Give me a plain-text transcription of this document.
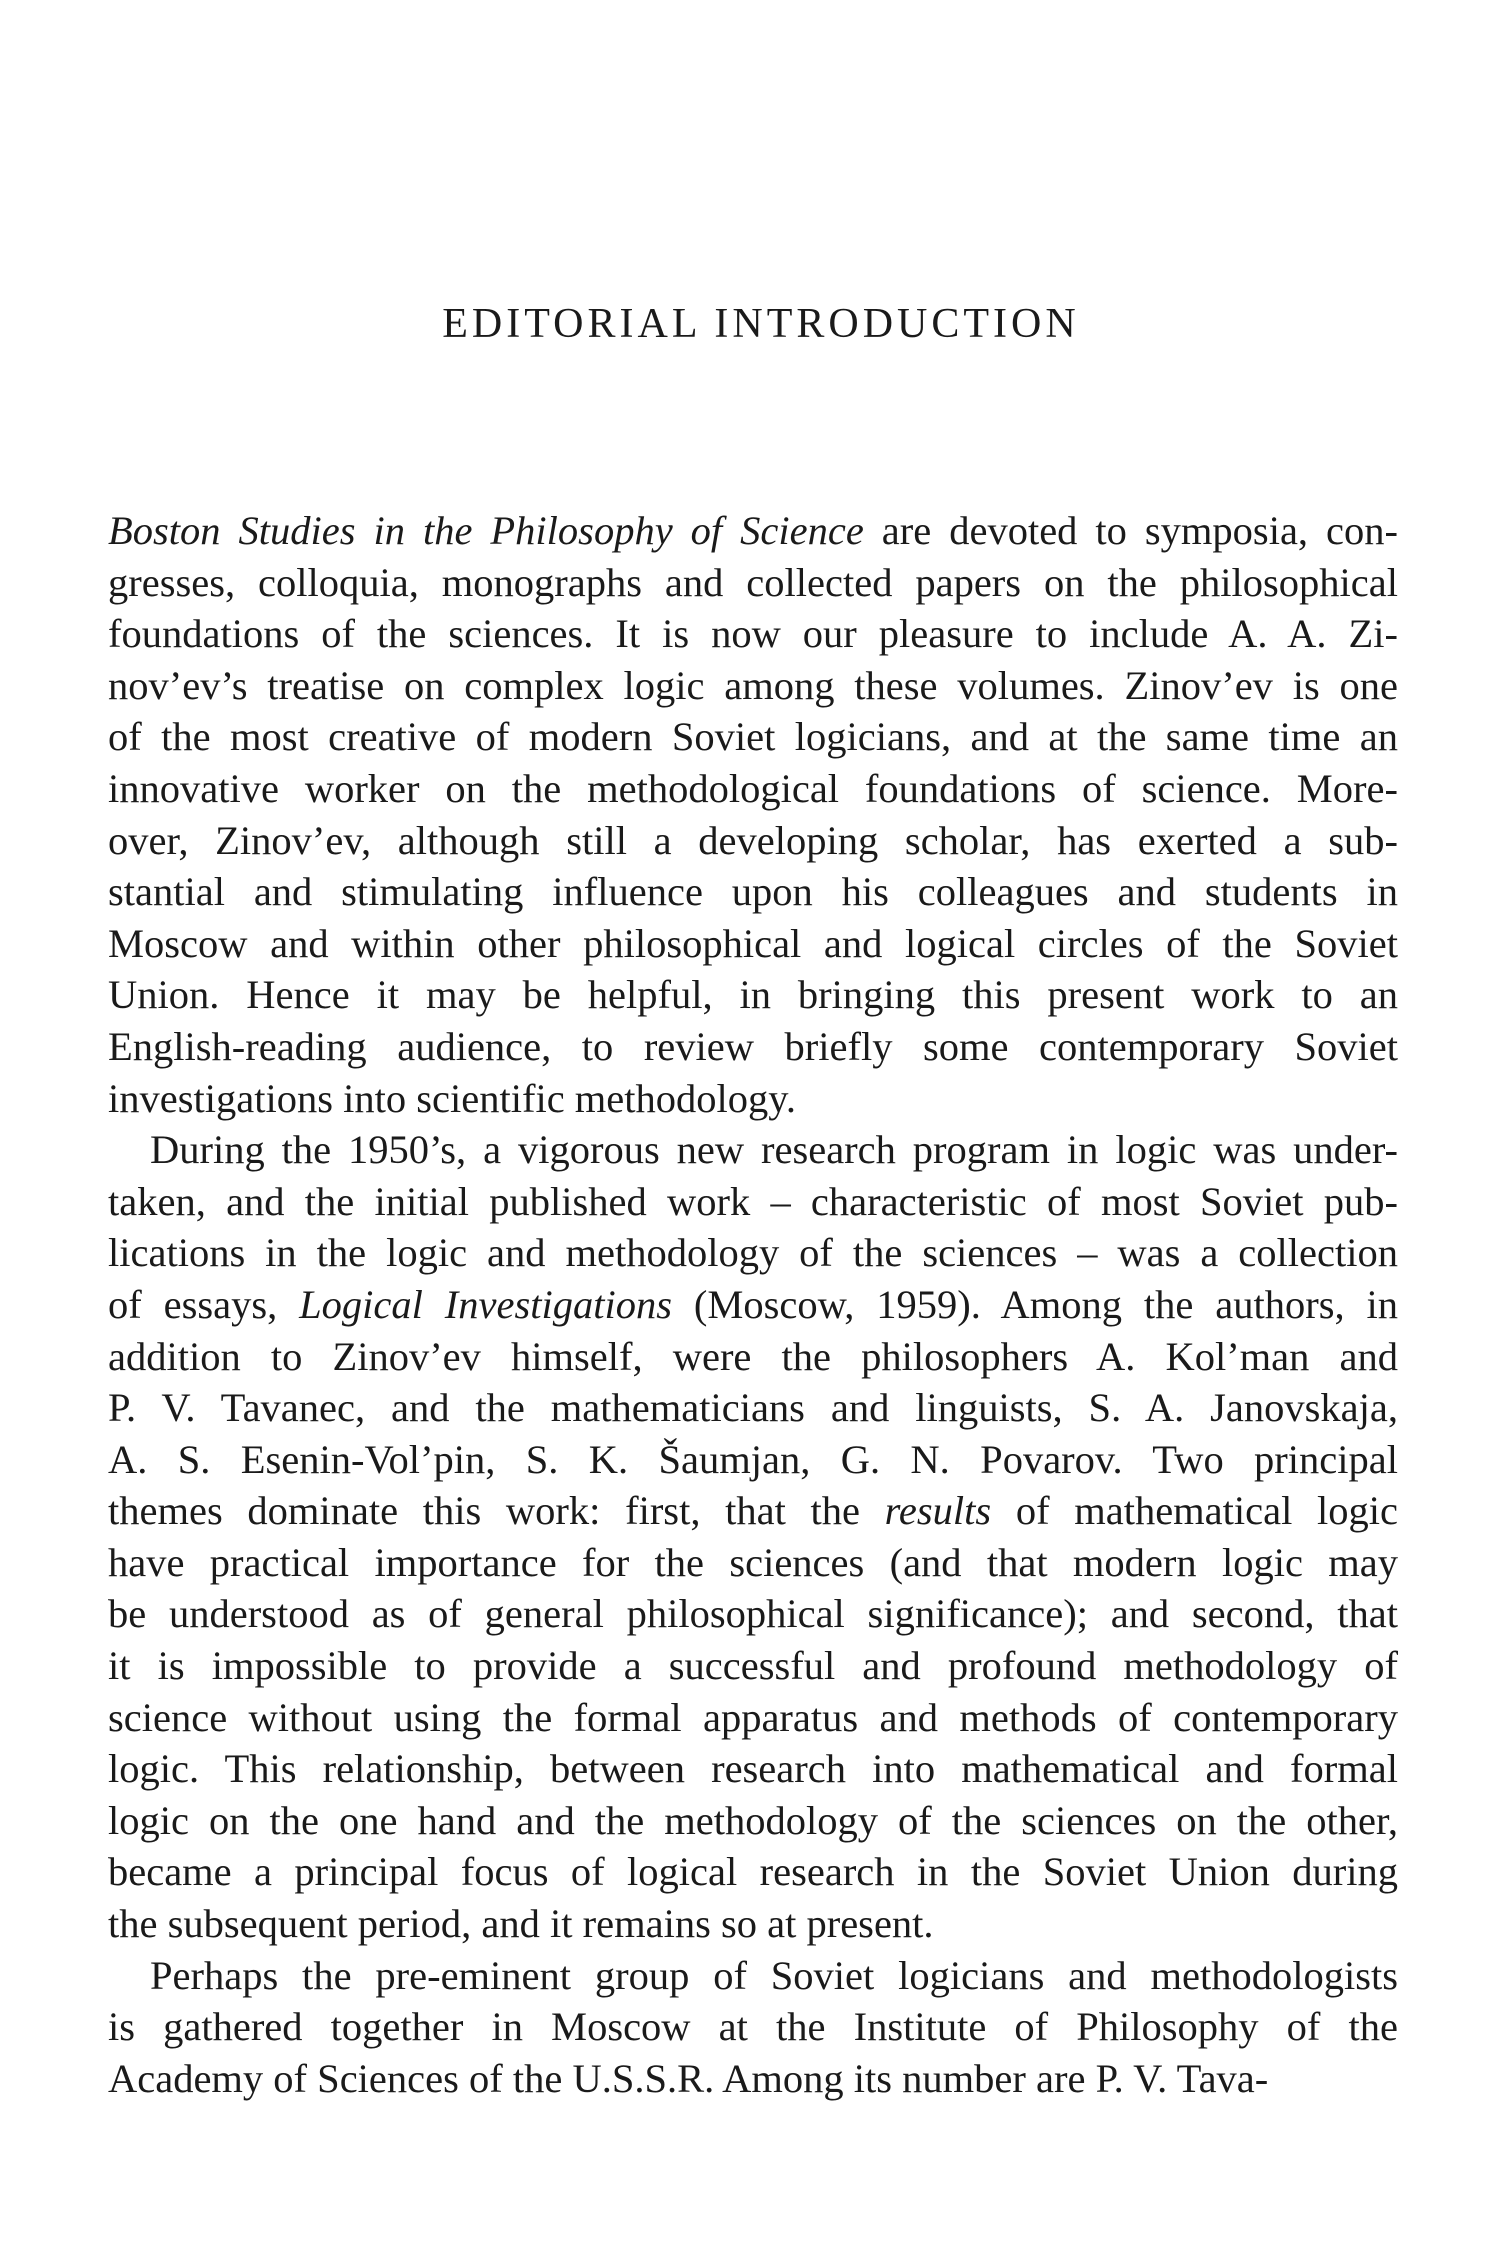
EDITORIAL INTRODUCTION
Boston Studies in the Philosophy of Science are devoted to symposia, con-
gresses, colloquia, monographs and collected papers on the philosophical
foundations of the sciences. It is now our pleasure to include A. A. Zi-
nov’ev’s treatise on complex logic among these volumes. Zinov’ev is one
of the most creative of modern Soviet logicians, and at the same time an
innovative worker on the methodological foundations of science. More-
over, Zinov’ev, although still a developing scholar, has exerted a sub-
stantial and stimulating influence upon his colleagues and students in
Moscow and within other philosophical and logical circles of the Soviet
Union. Hence it may be helpful, in bringing this present work to an
English-reading audience, to review briefly some contemporary Soviet
investigations into scientific methodology.
During the 1950’s, a vigorous new research program in logic was under-
taken, and the initial published work – characteristic of most Soviet pub-
lications in the logic and methodology of the sciences – was a collection
of essays, Logical Investigations (Moscow, 1959). Among the authors, in
addition to Zinov’ev himself, were the philosophers A. Kol’man and
P. V. Tavanec, and the mathematicians and linguists, S. A. Janovskaja,
A. S. Esenin-Vol’pin, S. K. Šaumjan, G. N. Povarov. Two principal
themes dominate this work: first, that the results of mathematical logic
have practical importance for the sciences (and that modern logic may
be understood as of general philosophical significance); and second, that
it is impossible to provide a successful and profound methodology of
science without using the formal apparatus and methods of contemporary
logic. This relationship, between research into mathematical and formal
logic on the one hand and the methodology of the sciences on the other,
became a principal focus of logical research in the Soviet Union during
the subsequent period, and it remains so at present.
Perhaps the pre-eminent group of Soviet logicians and methodologists
is gathered together in Moscow at the Institute of Philosophy of the
Academy of Sciences of the U.S.S.R. Among its number are P. V. Tava-
